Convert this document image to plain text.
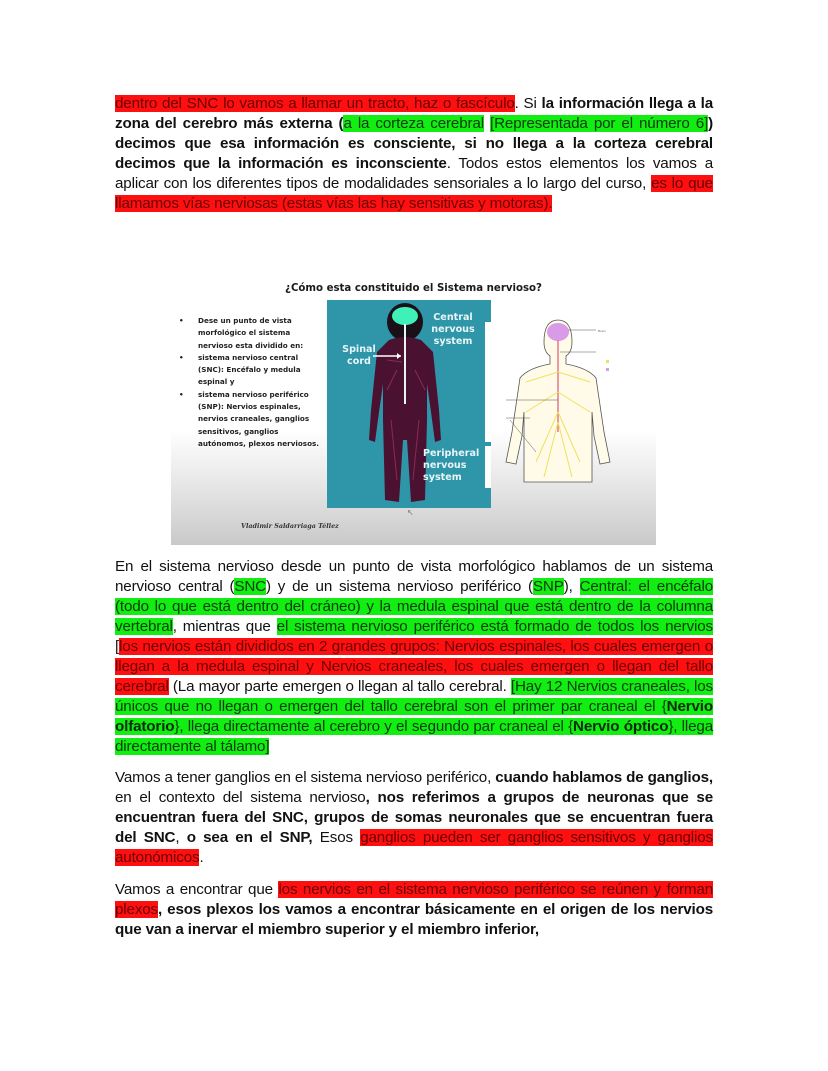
dentro del SNC lo vamos a llamar un tracto, haz o fascículo. Si la información llega a la zona del cerebro más externa (a la corteza cerebral [Representada por el número 6]) decimos que esa información es consciente, si no llega a la corteza cerebral decimos que la información es inconsciente. Todos estos elementos los vamos a aplicar con los diferentes tipos de modalidades sensoriales a lo largo del curso, es lo que llamamos vías nerviosas (estas vías las hay sensitivas y motoras).
¿Cómo esta constituido el Sistema nervioso?
• Dese un punto de vista morfológico el sistema nervioso esta dividido en:
• sistema nervioso central (SNC): Encéfalo y medula espinal y
• sistema nervioso periférico (SNP): Nervios espinales, nervios craneales, ganglios sensitivos, ganglios autónomos, plexos nerviosos.
Central nervous system
Spinal cord
Peripheral nervous system
Brain
↖
Vladimir Saldarriaga Téllez
En el sistema nervioso desde un punto de vista morfológico hablamos de un sistema nervioso central (SNC) y de un sistema nervioso periférico (SNP), Central: el encéfalo (todo lo que está dentro del cráneo) y la medula espinal que está dentro de la columna vertebral, mientras que el sistema nervioso periférico está formado de todos los nervios [los nervios están divididos en 2 grandes grupos: Nervios espinales, los cuales emergen o llegan a la medula espinal y Nervios craneales, los cuales emergen o llegan del tallo cerebral (La mayor parte emergen o llegan al tallo cerebral. [Hay 12 Nervios craneales, los únicos que no llegan o emergen del tallo cerebral son el primer par craneal el {Nervio olfatorio}, llega directamente al cerebro y el segundo par craneal el {Nervio óptico}, llega directamente al tálamo]
Vamos a tener ganglios en el sistema nervioso periférico, cuando hablamos de ganglios, en el contexto del sistema nervioso, nos referimos a grupos de neuronas que se encuentran fuera del SNC, grupos de somas neuronales que se encuentran fuera del SNC, o sea en el SNP, Esos ganglios pueden ser ganglios sensitivos y ganglios autonómicos.
Vamos a encontrar que los nervios en el sistema nervioso periférico se reúnen y forman plexos, esos plexos los vamos a encontrar básicamente en el origen de los nervios que van a inervar el miembro superior y el miembro inferior,
